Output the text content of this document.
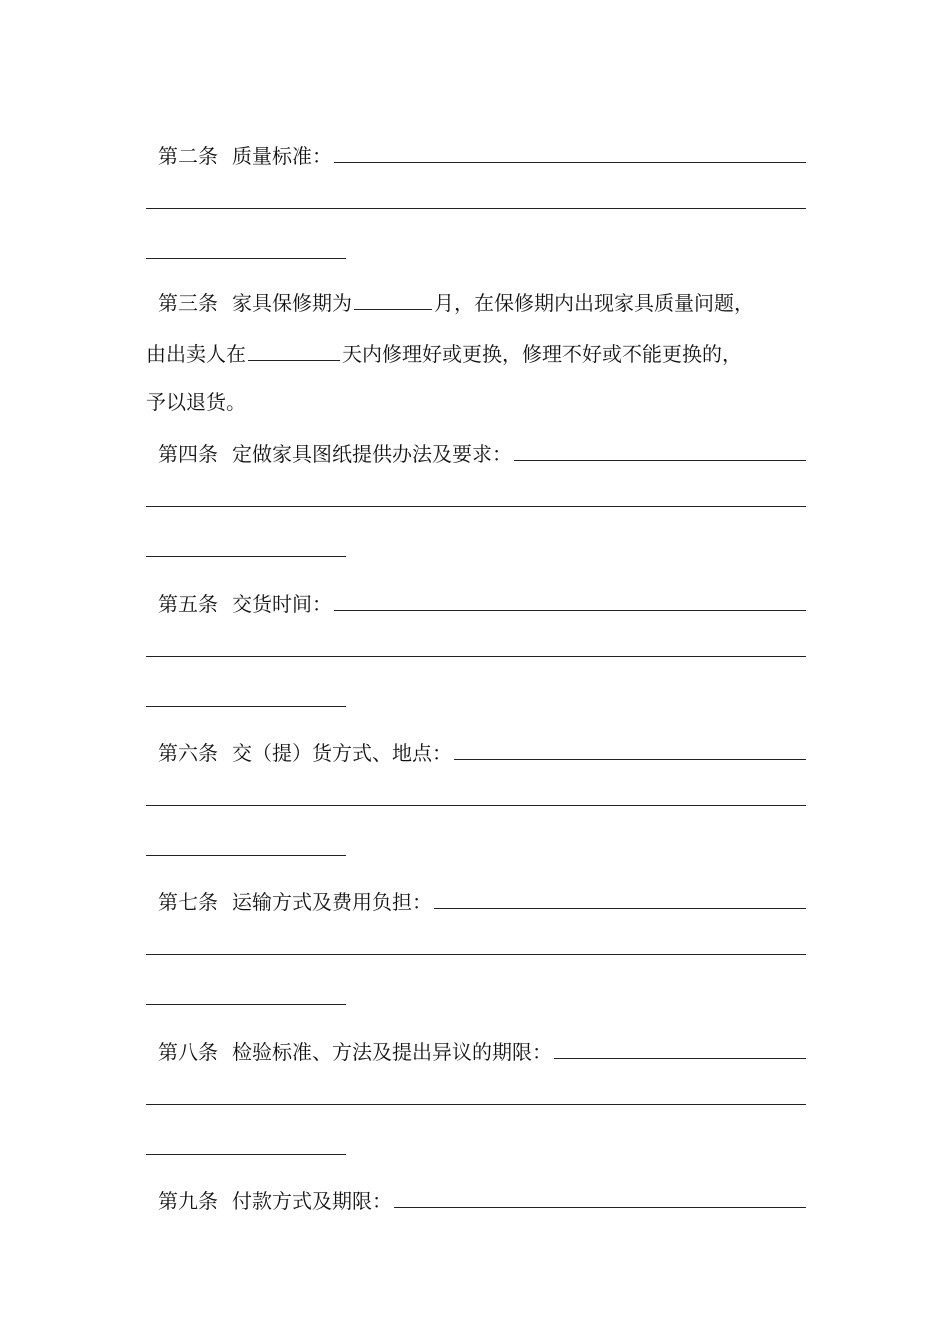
第二条 质量标准：
第三条 家具保修期为	月，在保修期内出现家具质量问题，
由出卖人在	天内修理好或更换，修理不好或不能更换的，
予以退货。
第四条 定做家具图纸提供办法及要求：
第五条 交货时间：
第六条 交（提）货方式、地点：
第七条 运输方式及费用负担：
第八条 检验标准、方法及提出异议的期限：
第九条 付款方式及期限：
